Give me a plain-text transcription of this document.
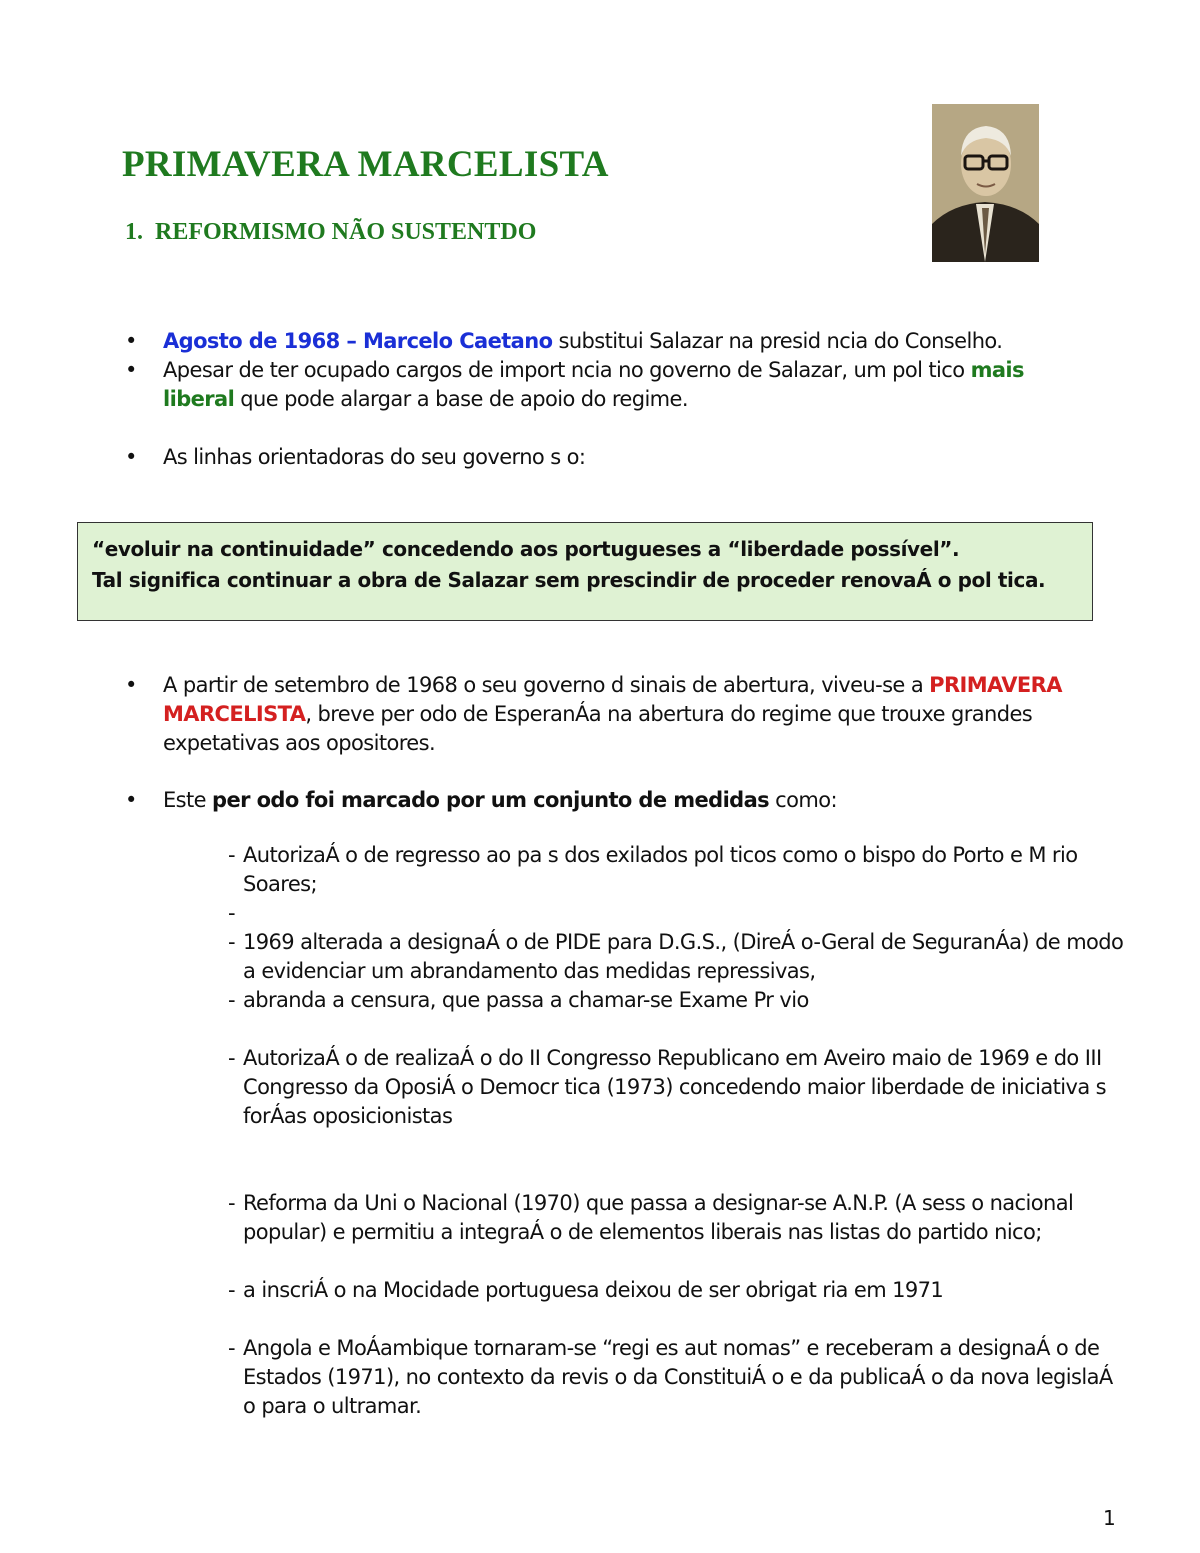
PRIMAVERA MARCELISTA
1. REFORMISMO NÃO SUSTENTDO
• Agosto de 1968 – Marcelo Caetano substitui Salazar na presid ncia do Conselho.
• Apesar de ter ocupado cargos de import ncia no governo de Salazar, um pol tico mais liberal que pode alargar a base de apoio do regime.
• As linhas orientadoras do seu governo s o:
“evoluir na continuidade” concedendo aos portugueses a “liberdade possível”.
Tal significa continuar a obra de Salazar sem prescindir de proceder renovaÁ o pol tica.
• A partir de setembro de 1968 o seu governo d sinais de abertura, viveu-se a PRIMAVERA MARCELISTA, breve per odo de EsperanÁa na abertura do regime que trouxe grandes expetativas aos opositores.
• Este per odo foi marcado por um conjunto de medidas como:
- AutorizaÁ o de regresso ao pa s dos exilados pol ticos como o bispo do Porto e M rio Soares;
-

- 1969 alterada a designaÁ o de PIDE para D.G.S., (DireÁ o-Geral de SeguranÁa) de modo a evidenciar um abrandamento das medidas repressivas,
- abranda a censura, que passa a chamar-se Exame Pr vio
- AutorizaÁ o de realizaÁ o do II Congresso Republicano em Aveiro maio de 1969 e do III Congresso da OposiÁ o Democr tica (1973) concedendo maior liberdade de iniciativa s forÁas oposicionistas
- Reforma da Uni o Nacional (1970) que passa a designar-se A.N.P. (A sess o nacional popular) e permitiu a integraÁ o de elementos liberais nas listas do partido nico;
- a inscriÁ o na Mocidade portuguesa deixou de ser obrigat ria em 1971
- Angola e MoÁambique tornaram-se “regi es aut nomas” e receberam a designaÁ o de Estados (1971), no contexto da revis o da ConstituiÁ o e da publicaÁ o da nova legislaÁ o para o ultramar.
1
